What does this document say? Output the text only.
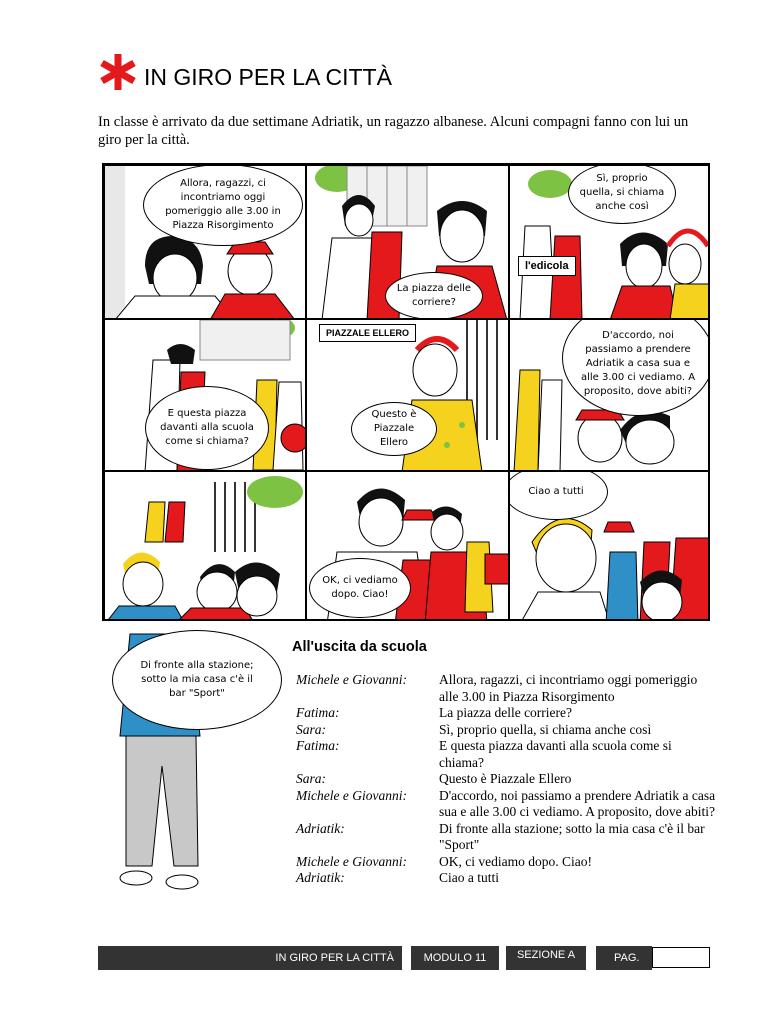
IN GIRO PER LA CITTÀ
In classe è arrivato da due settimane Adriatik, un ragazzo albanese. Alcuni compagni fanno con lui un giro per la città.
Allora, ragazzi, ci incontriamo oggi pomeriggio alle 3.00 in Piazza Risorgimento
La piazza delle corriere?
Sì, proprio quella, si chiama anche così
l'edicola
E questa piazza davanti alla scuola come si chiama?
PIAZZALE ELLERO
Questo è Piazzale Ellero
D'accordo, noi passiamo a prendere Adriatik a casa sua e alle 3.00 ci vediamo. A proposito, dove abiti?
OK, ci vediamo dopo. Ciao!
Ciao a tutti
Di fronte alla stazione; sotto la mia casa c'è il bar "Sport"
All'uscita da scuola
Michele e Giovanni:	Allora, ragazzi, ci incontriamo oggi pomeriggio alle 3.00 in Piazza Risorgimento
Fatima:	La piazza delle corriere?
Sara:	Sì, proprio quella, si chiama anche così
Fatima:	E questa piazza davanti alla scuola come si chiama?
Sara:	Questo è Piazzale Ellero
Michele e Giovanni:	D'accordo, noi passiamo a prendere Adriatik a casa sua e alle 3.00 ci vediamo. A proposito, dove abiti?
Adriatik:	Di fronte alla stazione; sotto la mia casa c'è il bar "Sport"
Michele e Giovanni:	OK, ci vediamo dopo. Ciao!
Adriatik:	Ciao a tutti
IN GIRO PER LA CITTÀ	MODULO 11	SEZIONE A	PAG.
